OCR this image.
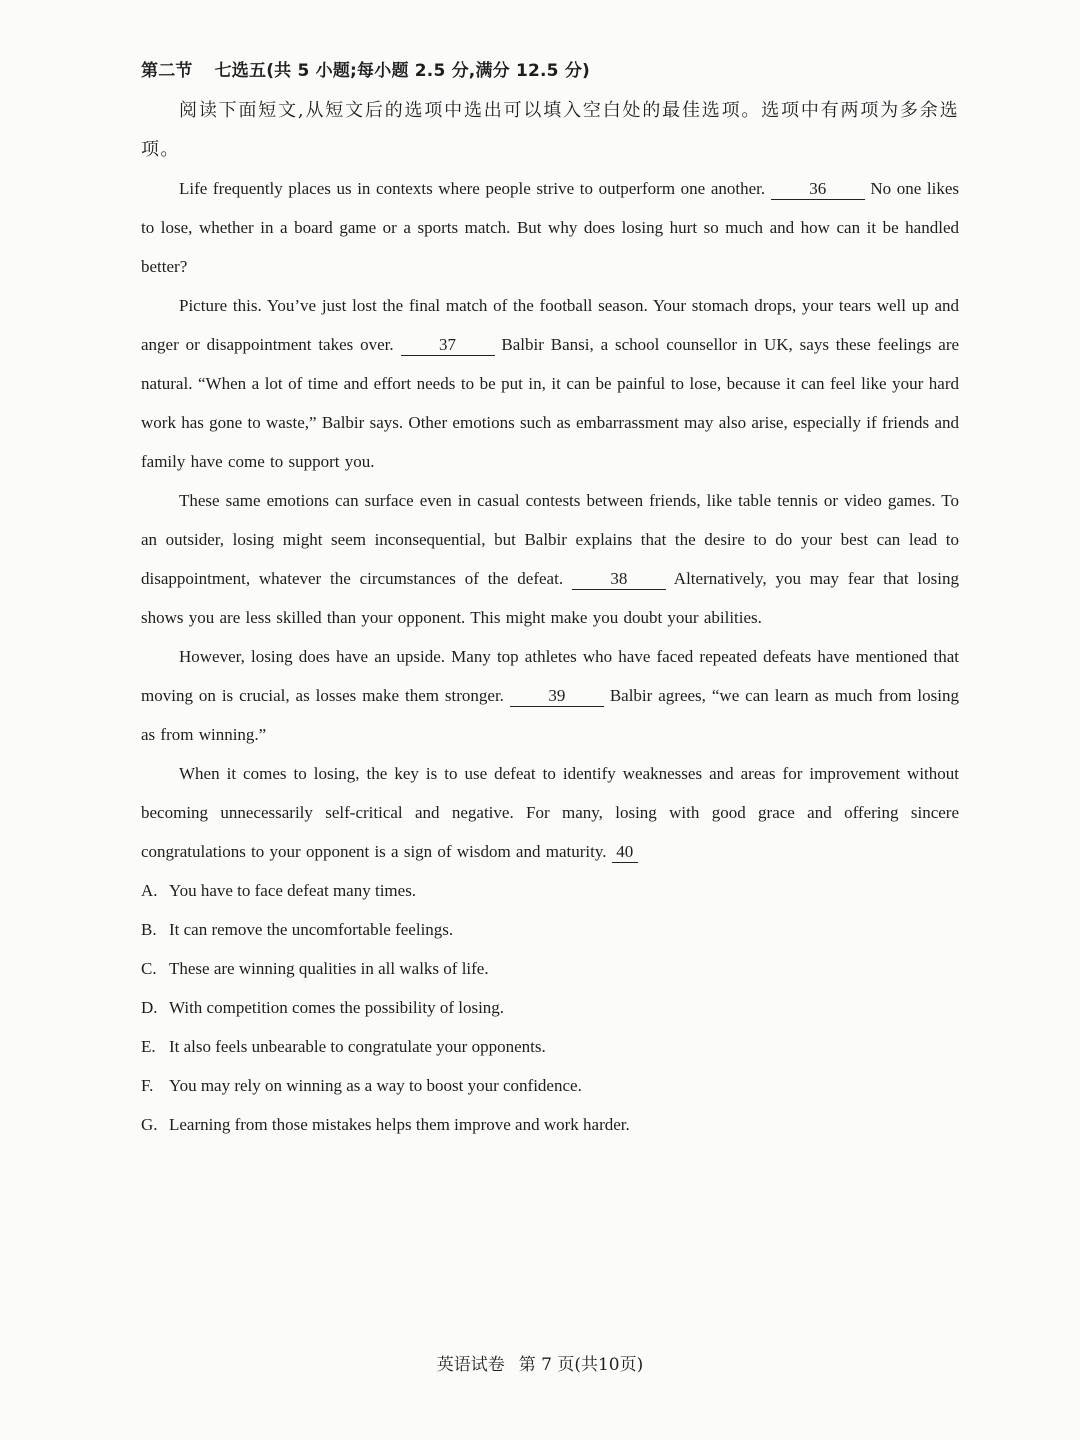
第二节 七选五(共 5 小题;每小题 2.5 分,满分 12.5 分)
阅读下面短文,从短文后的选项中选出可以填入空白处的最佳选项。选项中有两项为多余选项。
Life frequently places us in contexts where people strive to outperform one another.	36	No one likes to lose, whether in a board game or a sports match. But why does losing hurt so much and how can it be handled better?
Picture this. You’ve just lost the final match of the football season. Your stomach drops, your tears well up and anger or disappointment takes over.	37	Balbir Bansi, a school counsellor in UK, says these feelings are natural. “When a lot of time and effort needs to be put in, it can be painful to lose, because it can feel like your hard work has gone to waste,” Balbir says. Other emotions such as embarrassment may also arise, especially if friends and family have come to support you.
These same emotions can surface even in casual contests between friends, like table tennis or video games. To an outsider, losing might seem inconsequential, but Balbir explains that the desire to do your best can lead to disappointment, whatever the circumstances of the defeat.	38	Alternatively, you may fear that losing shows you are less skilled than your opponent. This might make you doubt your abilities.
However, losing does have an upside. Many top athletes who have faced repeated defeats have mentioned that moving on is crucial, as losses make them stronger.	39	Balbir agrees, “we can learn as much from losing as from winning.”
When it comes to losing, the key is to use defeat to identify weaknesses and areas for improvement without becoming unnecessarily self-critical and negative. For many, losing with good grace and offering sincere congratulations to your opponent is a sign of wisdom and maturity. 40
A. You have to face defeat many times.
B. It can remove the uncomfortable feelings.
C. These are winning qualities in all walks of life.
D. With competition comes the possibility of losing.
E. It also feels unbearable to congratulate your opponents.
F. You may rely on winning as a way to boost your confidence.
G. Learning from those mistakes helps them improve and work harder.
英语试卷 第 7 页(共10页)
